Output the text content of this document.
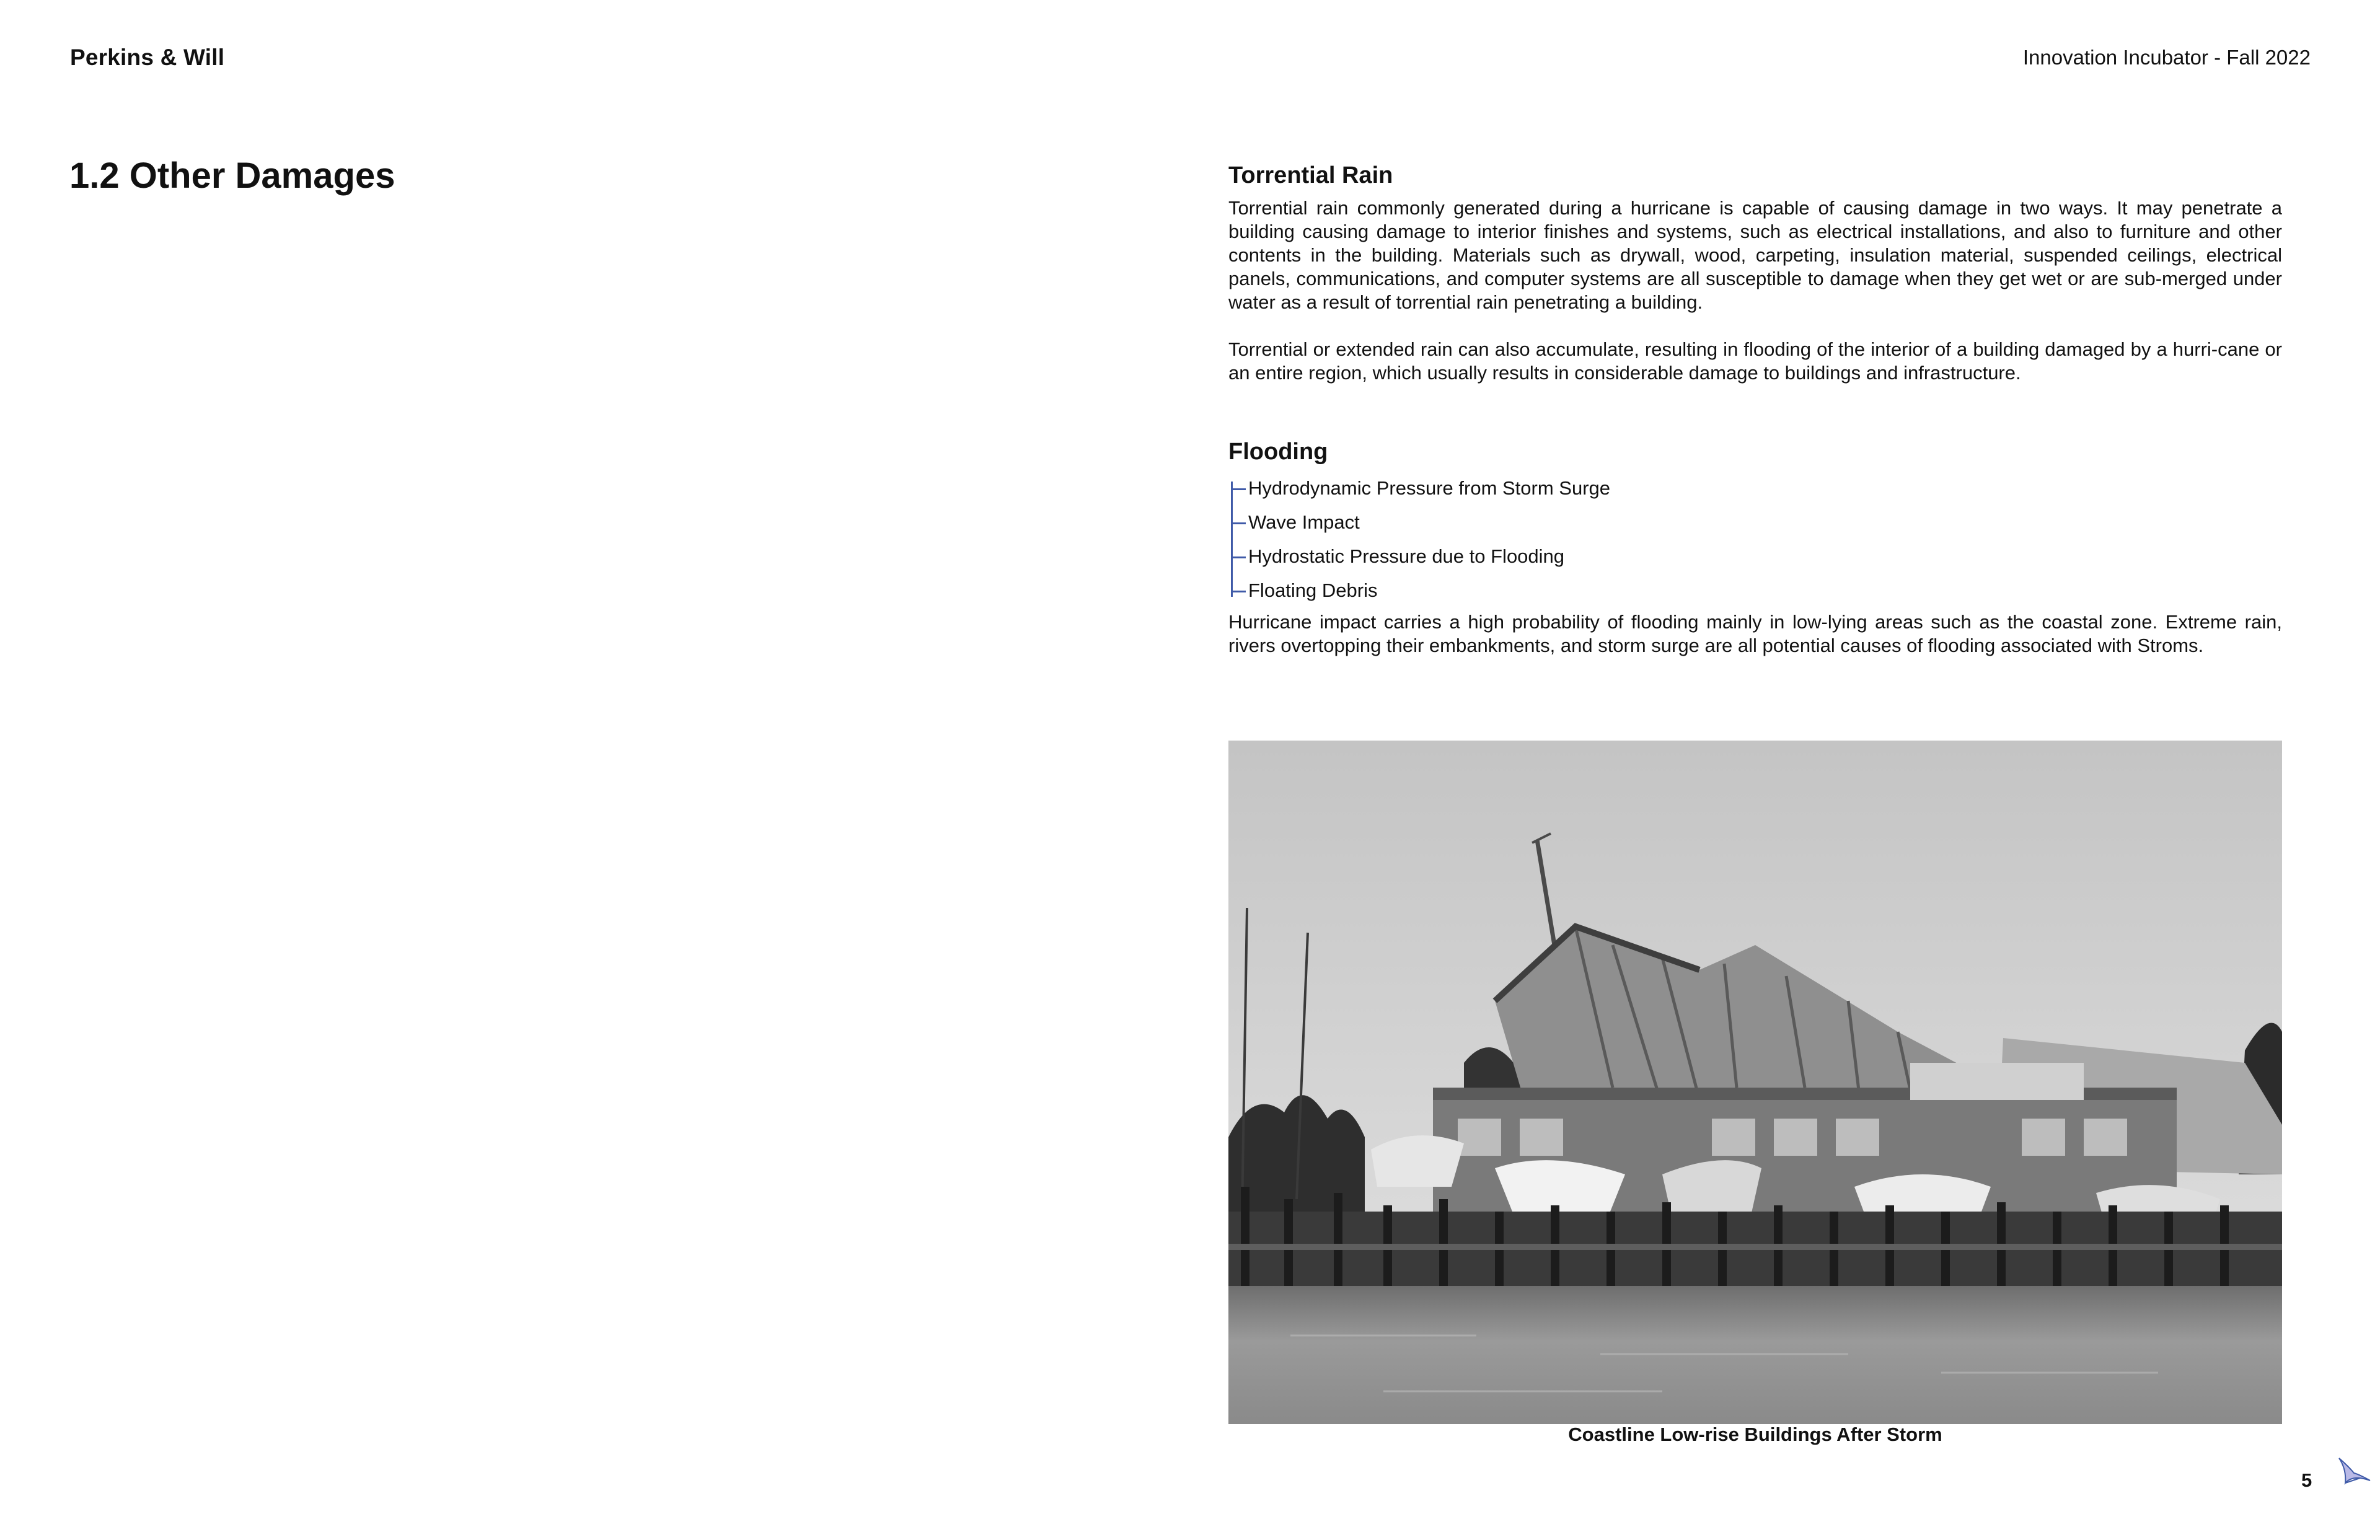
Perkins & Will	Innovation Incubator - Fall 2022
1.2 Other Damages	Torrential Rain

Torrential rain commonly generated during a hurricane is capable of causing damage in two ways. It may penetrate a building causing damage to interior finishes and systems, such as electrical installations, and also to furniture and other contents in the building. Materials such as drywall, wood, carpeting, insulation material, suspended ceilings, electrical panels, communications, and computer systems are all susceptible to damage when they get wet or are sub-merged under water as a result of torrential rain penetrating a building.

Torrential or extended rain can also accumulate, resulting in flooding of the interior of a building damaged by a hurri-cane or an entire region, which usually results in considerable damage to buildings and infrastructure.

Flooding
Hydrodynamic Pressure from Storm Surge
Wave Impact
Hydrostatic Pressure due to Flooding
Floating Debris

Hurricane impact carries a high probability of flooding mainly in low-lying areas such as the coastal zone. Extreme rain, rivers overtopping their embankments, and storm surge are all potential causes of flooding associated with Stroms.

Coastline Low-rise Buildings After Storm
5
